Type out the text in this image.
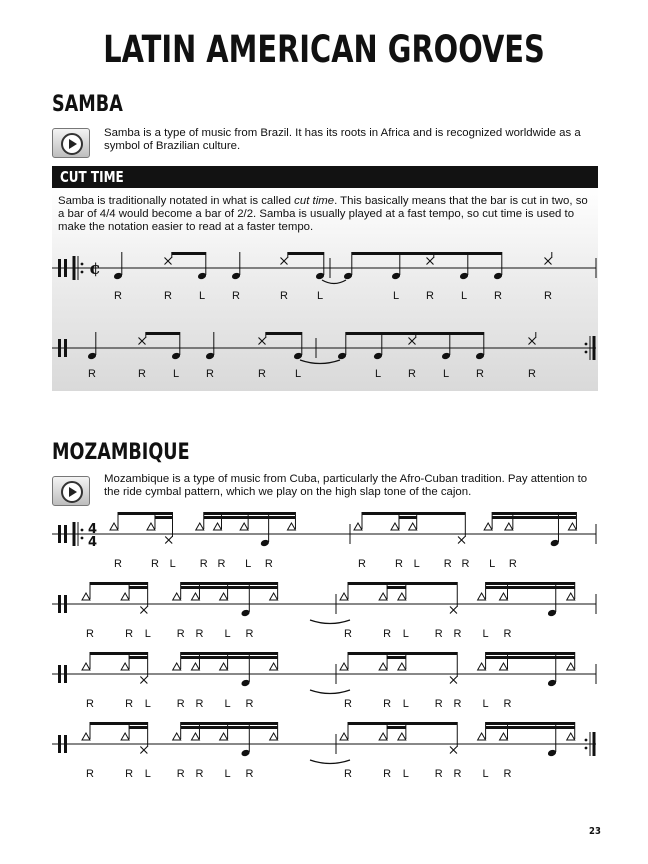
LATIN AMERICAN GROOVES
SAMBA

Samba is a type of music from Brazil. It has its roots in Africa and is recognized worldwide as a symbol of Brazilian culture.

CUT TIME

Samba is traditionally notated in what is called cut time. This basically means that the bar is cut in two, so a bar of 4/4 would become a bar of 2/2. Samba is usually played at a fast tempo, so cut time is used to make the notation easier to read at a faster tempo.

¢
R	R L R	R	L	L R L R	R
R	R L R	R	L	L R L R	R
MOZAMBIQUE

Mozambique is a type of music from Cuba, particularly the Afro-Cuban tradition. Pay attention to the ride cymbal pattern, which we play on the high slap tone of the cajon.

4
4
R	R L R R L R	R	R L R R L R
R	R L R R L R	R	R L R R L R
R	R L R R L R	R	R L R R L R
R	R L R R L R	R	R L R R L R
23
